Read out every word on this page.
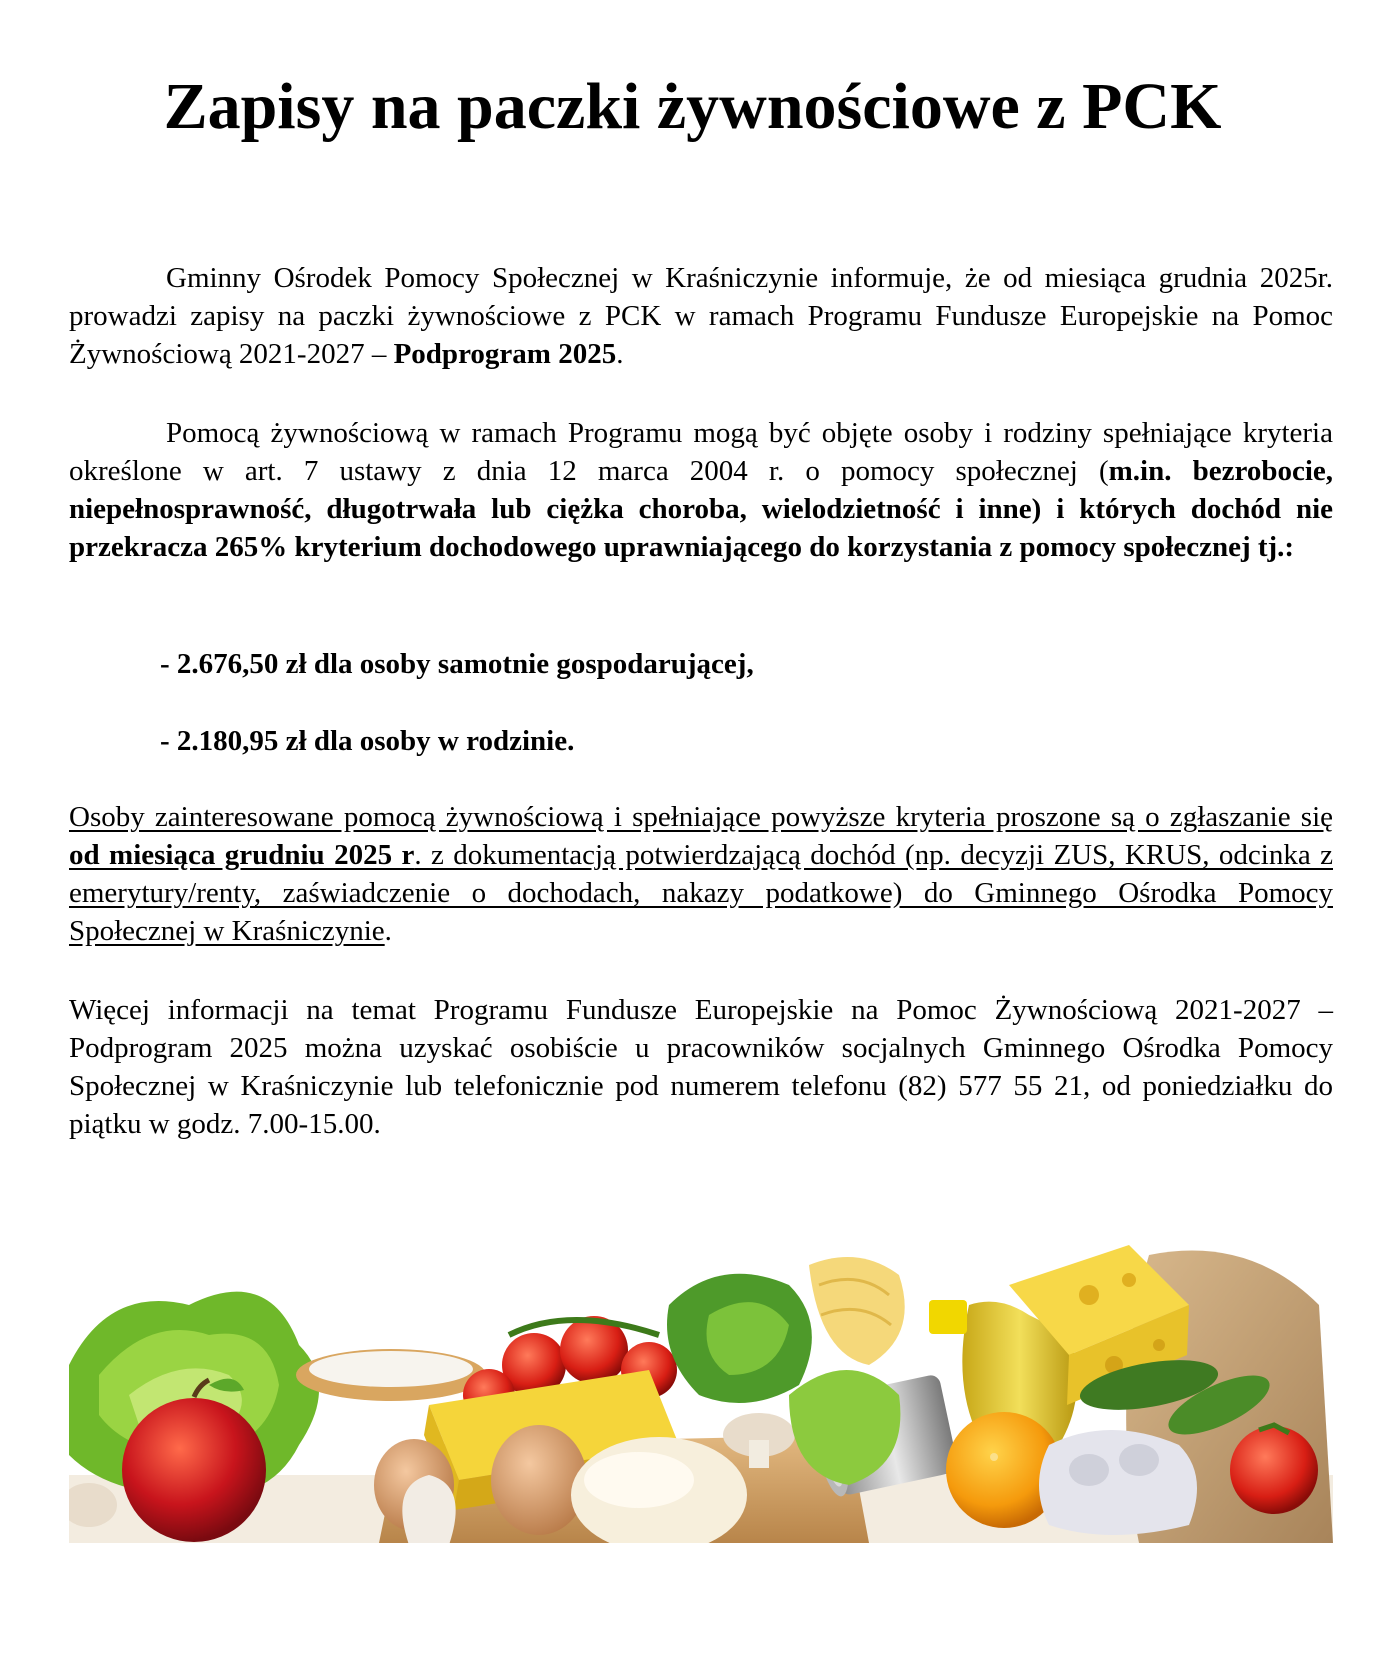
Zapisy na paczki żywnościowe z PCK

Gminny Ośrodek Pomocy Społecznej w Kraśniczynie informuje, że od miesiąca grudnia 2025r. prowadzi zapisy na paczki żywnościowe z PCK w ramach Programu Fundusze Europejskie na Pomoc Żywnościową 2021-2027 – Podprogram 2025.

Pomocą żywnościową w ramach Programu mogą być objęte osoby i rodziny spełniające kryteria określone w art. 7 ustawy z dnia 12 marca 2004 r. o pomocy społecznej (m.in. bezrobocie, niepełnosprawność, długotrwała lub ciężka choroba, wielodzietność i inne) i których dochód nie przekracza 265% kryterium dochodowego uprawniającego do korzystania z pomocy społecznej tj.:

- 2.676,50 zł dla osoby samotnie gospodarującej,
- 2.180,95 zł dla osoby w rodzinie.

Osoby zainteresowane pomocą żywnościową i spełniające powyższe kryteria proszone są o zgłaszanie się od miesiąca grudniu 2025 r. z dokumentacją potwierdzającą dochód (np. decyzji ZUS, KRUS, odcinka z emerytury/renty, zaświadczenie o dochodach, nakazy podatkowe) do Gminnego Ośrodka Pomocy Społecznej w Kraśniczynie.

Więcej informacji na temat Programu Fundusze Europejskie na Pomoc Żywnościową 2021-2027 – Podprogram 2025 można uzyskać osobiście u pracowników socjalnych Gminnego Ośrodka Pomocy Społecznej w Kraśniczynie lub telefonicznie pod numerem telefonu (82) 577 55 21, od poniedziałku do piątku w godz. 7.00-15.00.
